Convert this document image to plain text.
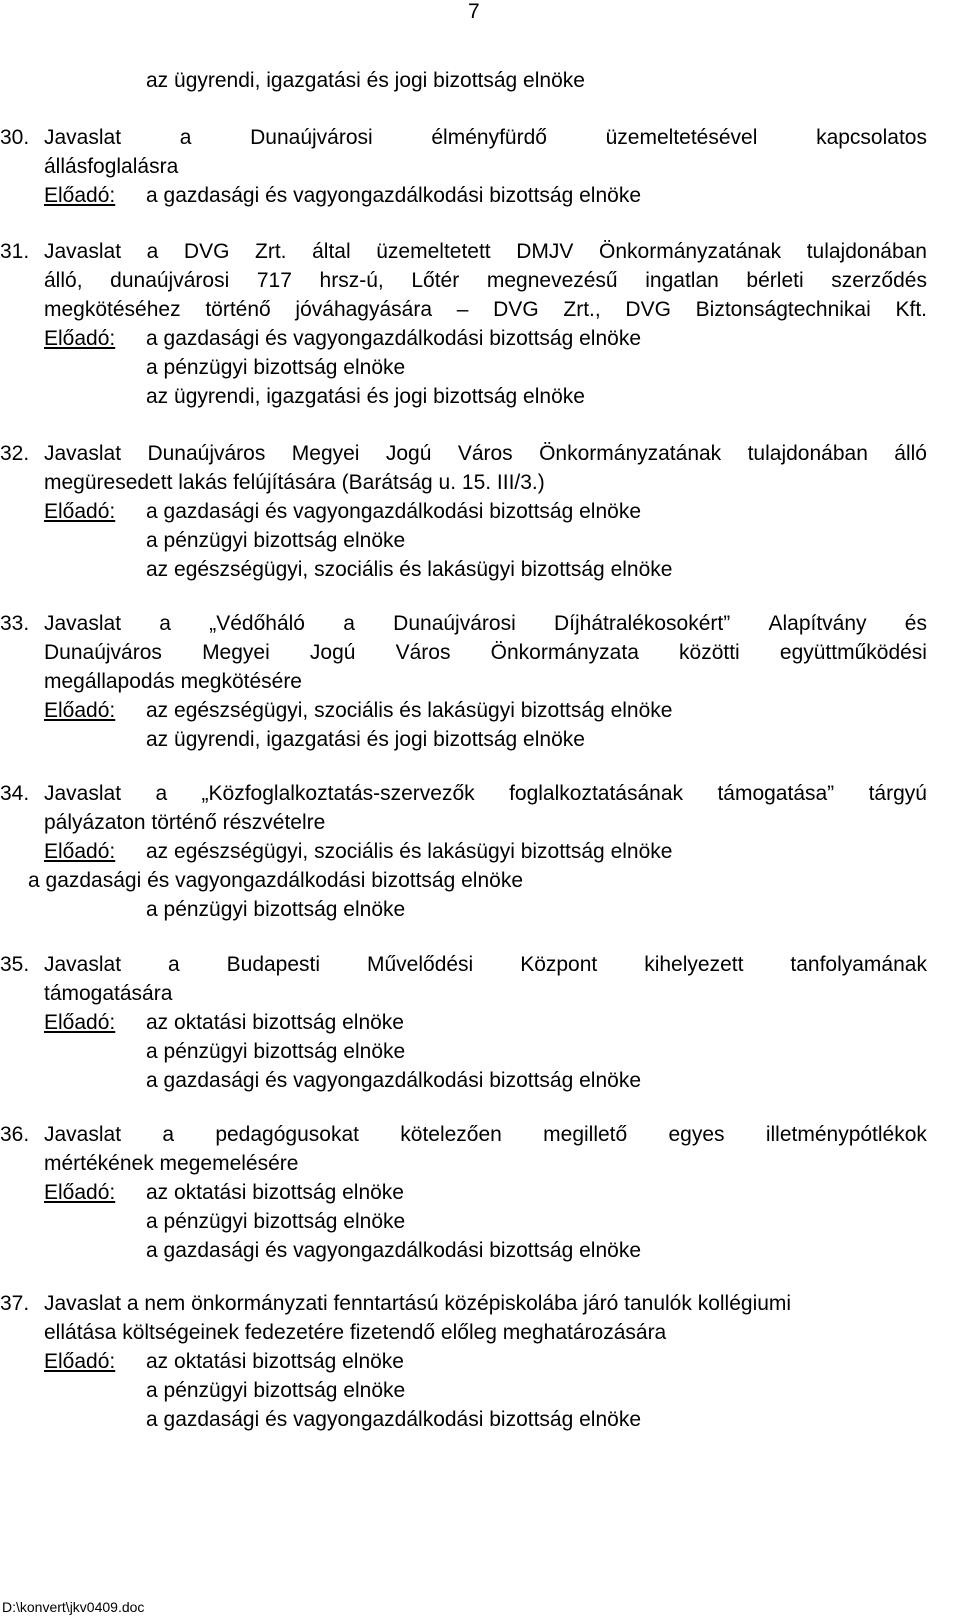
7
az ügyrendi, igazgatási és jogi bizottság elnöke
30. Javaslat	a	Dunaújvárosi	élményfürdő	üzemeltetésével	kapcsolatos
állásfoglalásra
Előadó: a gazdasági és vagyongazdálkodási bizottság elnöke
31. Javaslat a DVG Zrt. által üzemeltetett DMJV Önkormányzatának tulajdonában
álló, dunaújvárosi 717 hrsz-ú, Lőtér megnevezésű ingatlan bérleti szerződés
megkötéséhez történő jóváhagyására – DVG Zrt., DVG Biztonságtechnikai Kft.
Előadó: a gazdasági és vagyongazdálkodási bizottság elnöke
a pénzügyi bizottság elnöke
az ügyrendi, igazgatási és jogi bizottság elnöke
32. Javaslat Dunaújváros Megyei Jogú Város Önkormányzatának tulajdonában álló
megüresedett lakás felújítására (Barátság u. 15. III/3.)
Előadó: a gazdasági és vagyongazdálkodási bizottság elnöke
a pénzügyi bizottság elnöke
az egészségügyi, szociális és lakásügyi bizottság elnöke
33. Javaslat a „Védőháló a Dunaújvárosi Díjhátralékosokért” Alapítvány és
Dunaújváros Megyei Jogú Város Önkormányzata közötti együttműködési
megállapodás megkötésére
Előadó: az egészségügyi, szociális és lakásügyi bizottság elnöke
az ügyrendi, igazgatási és jogi bizottság elnöke
34. Javaslat a „Közfoglalkoztatás-szervezők foglalkoztatásának támogatása” tárgyú
pályázaton történő részvételre
Előadó: az egészségügyi, szociális és lakásügyi bizottság elnöke
a gazdasági és vagyongazdálkodási bizottság elnöke
a pénzügyi bizottság elnöke
35. Javaslat a Budapesti Művelődési Központ kihelyezett tanfolyamának
támogatására
Előadó: az oktatási bizottság elnöke
a pénzügyi bizottság elnöke
a gazdasági és vagyongazdálkodási bizottság elnöke
36. Javaslat a pedagógusokat kötelezően megillető egyes illetménypótlékok
mértékének megemelésére
Előadó: az oktatási bizottság elnöke
a pénzügyi bizottság elnöke
a gazdasági és vagyongazdálkodási bizottság elnöke
37. Javaslat a nem önkormányzati fenntartású középiskolába járó tanulók kollégiumi
ellátása költségeinek fedezetére fizetendő előleg meghatározására
Előadó: az oktatási bizottság elnöke
a pénzügyi bizottság elnöke
a gazdasági és vagyongazdálkodási bizottság elnöke
D:\konvert\jkv0409.doc
